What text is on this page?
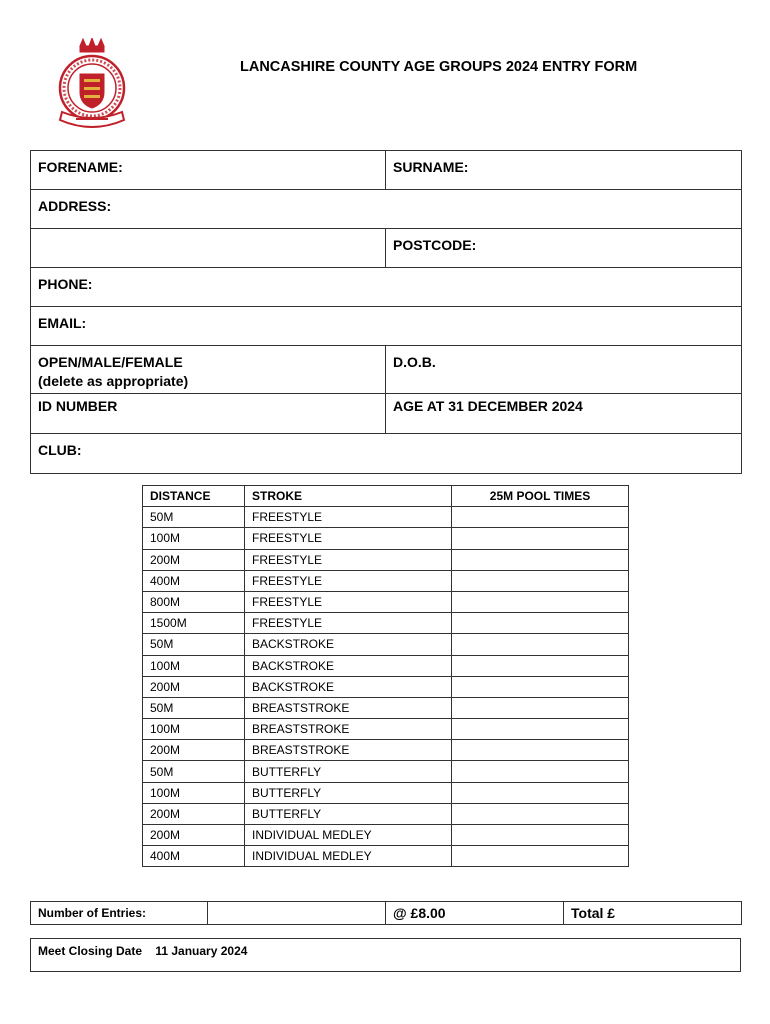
LANCASHIRE COUNTY AGE GROUPS 2024 ENTRY FORM
FORENAME:	SURNAME:
ADDRESS:	
	POSTCODE:
PHONE:	
EMAIL:	

OPEN/MALE/FEMALE
(delete as appropriate)	D.O.B.
ID NUMBER	AGE AT 31 DECEMBER 2024
CLUB:	
DISTANCE	STROKE	25M POOL TIMES
50M	FREESTYLE	
100M	FREESTYLE	
200M	FREESTYLE	
400M	FREESTYLE	
800M	FREESTYLE	
1500M	FREESTYLE	
50M	BACKSTROKE	
100M	BACKSTROKE	
200M	BACKSTROKE	
50M	BREASTSTROKE	
100M	BREASTSTROKE	
200M	BREASTSTROKE	
50M	BUTTERFLY	
100M	BUTTERFLY	
200M	BUTTERFLY	
200M	INDIVIDUAL MEDLEY	
400M	INDIVIDUAL MEDLEY	
Number of Entries:		@ £8.00	Total £
Meet Closing Date 11 January 2024
